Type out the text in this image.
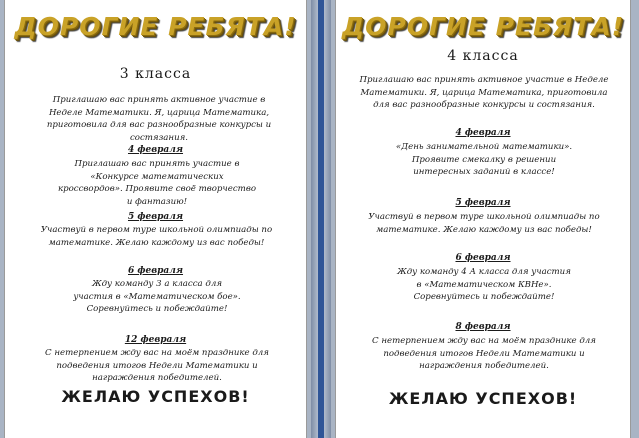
ДОРОГИЕ РЕБЯТА!
3 класса
Приглашаю вас принять активное участие в Неделе Математики. Я, царица Математика, приготовила для вас разнообразные конкурсы и состязания.
4 февраля
Приглашаю вас принять участие в «Конкурсе математических кроссвордов». Проявите своё творчество и фантазию!
5 февраля
Участвуй в первом туре школьной олимпиады по математике. Желаю каждому из вас победы!
6 февраля
Жду команду 3 а класса для участия в «Математическом бое». Соревнуйтесь и побеждайте!
12 февраля
С нетерпением жду вас на моём празднике для подведения итогов Недели Математики и награждения победителей.
ЖЕЛАЮ УСПЕХОВ!
ДОРОГИЕ РЕБЯТА!
4 класса
Приглашаю вас принять активное участие в Неделе Математики. Я, царица Математика, приготовила для вас разнообразные конкурсы и состязания.
4 февраля
«День занимательной математики». Проявите смекалку в решении интересных заданий в классе!
5 февраля
Участвуй в первом туре школьной олимпиады по математике. Желаю каждому из вас победы!
6 февраля
Жду команду 4 А класса для участия в «Математическом КВНе». Соревнуйтесь и побеждайте!
8 февраля
С нетерпением жду вас на моём празднике для подведения итогов Недели Математики и награждения победителей.
ЖЕЛАЮ УСПЕХОВ!
